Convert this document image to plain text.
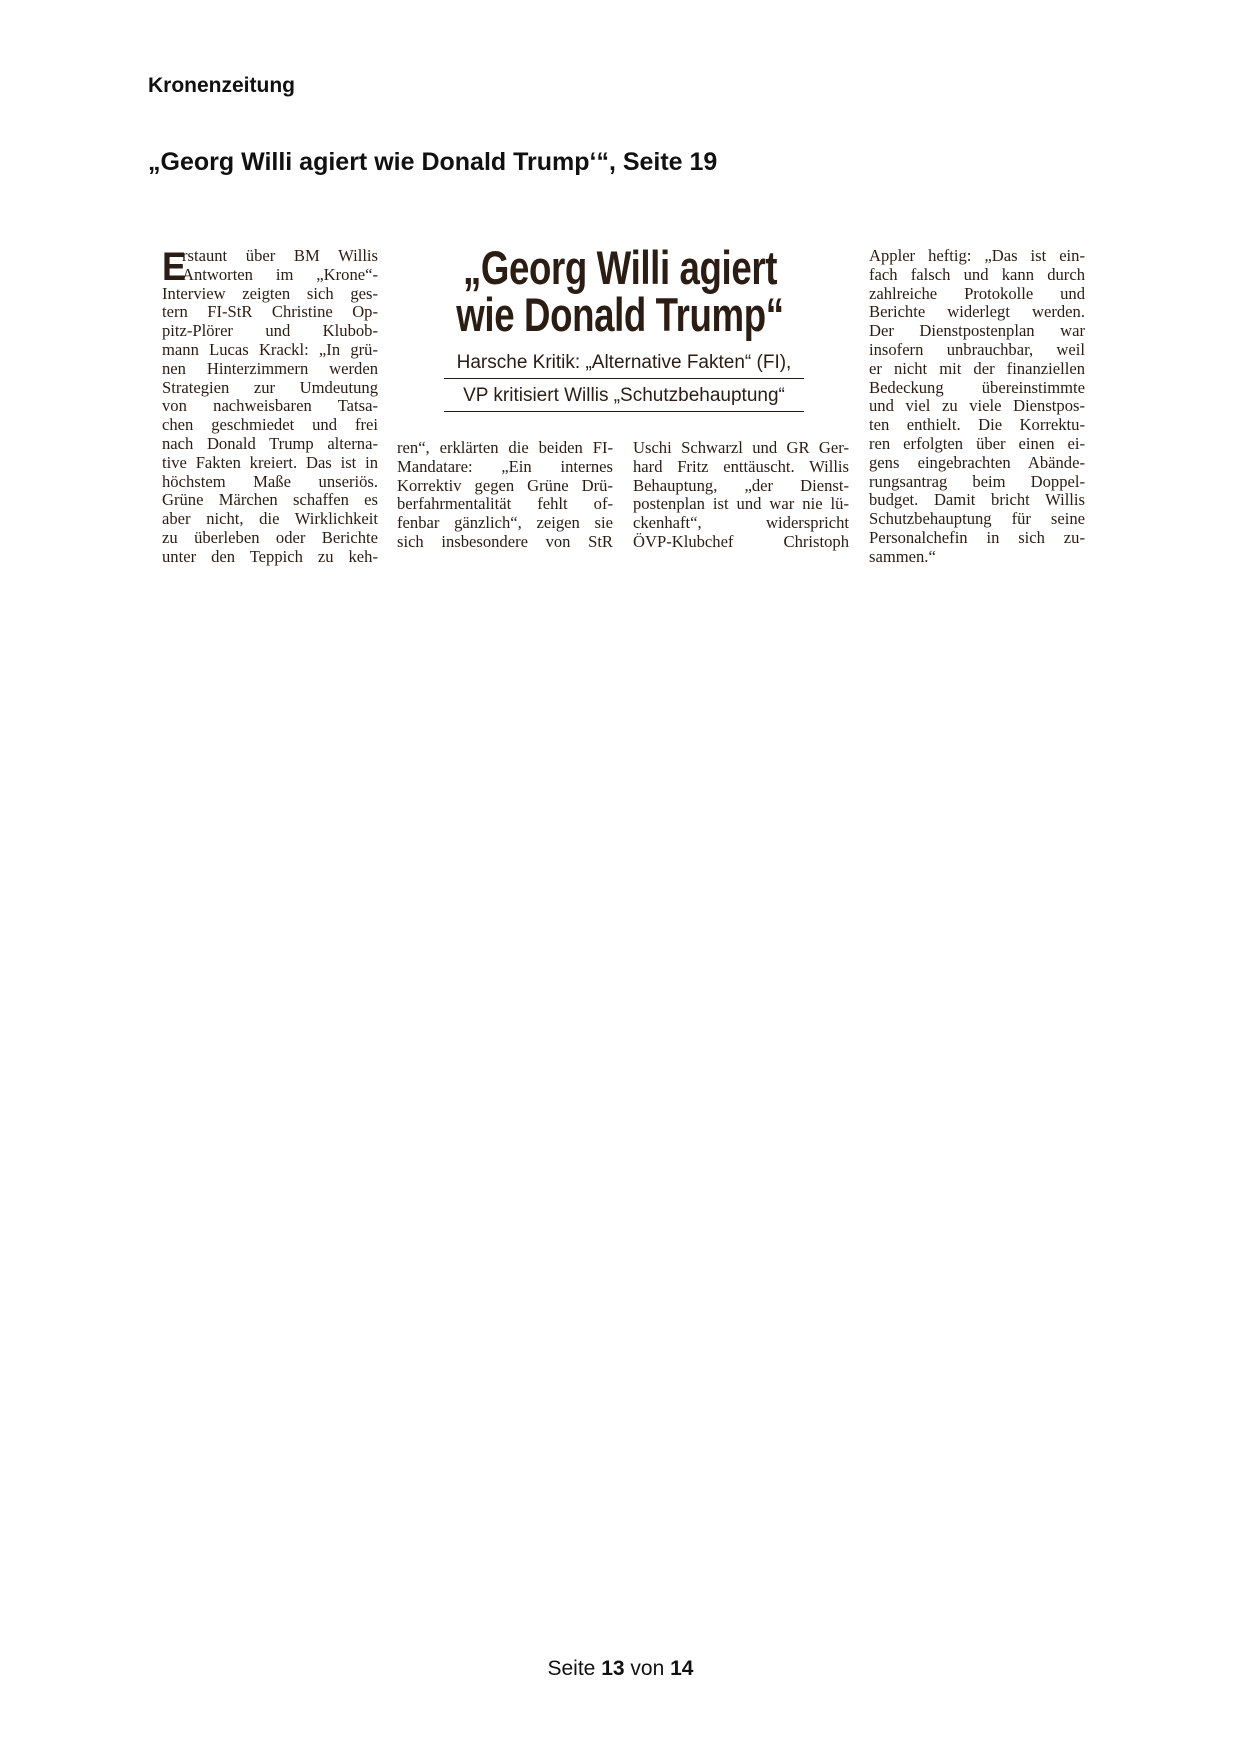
Kronenzeitung
„Georg Willi agiert wie Donald Trump‘“, Seite 19
E
rstaunt über BM Willis
Antworten im „Krone“-
Interview zeigten sich ges-
tern FI-StR Christine Op-
pitz-Plörer und Klubob-
mann Lucas Krackl: „In grü-
nen Hinterzimmern werden
Strategien zur Umdeutung
von nachweisbaren Tatsa-
chen geschmiedet und frei
nach Donald Trump alterna-
tive Fakten kreiert. Das ist in
höchstem Maße unseriös.
Grüne Märchen schaffen es
aber nicht, die Wirklichkeit
zu überleben oder Berichte
unter den Teppich zu keh-
„Georg Willi agiert
wie Donald Trump“
Harsche Kritik: „Alternative Fakten“ (FI),
VP kritisiert Willis „Schutzbehauptung“
ren“, erklärten die beiden FI-
Mandatare: „Ein internes
Korrektiv gegen Grüne Drü-
berfahrmentalität fehlt of-
fenbar gänzlich“, zeigen sie
sich insbesondere von StR
Uschi Schwarzl und GR Ger-
hard Fritz enttäuscht. Willis
Behauptung, „der Dienst-
postenplan ist und war nie lü-
ckenhaft“, widerspricht
ÖVP-Klubchef Christoph
Appler heftig: „Das ist ein-
fach falsch und kann durch
zahlreiche Protokolle und
Berichte widerlegt werden.
Der Dienstpostenplan war
insofern unbrauchbar, weil
er nicht mit der finanziellen
Bedeckung übereinstimmte
und viel zu viele Dienstpos-
ten enthielt. Die Korrektu-
ren erfolgten über einen ei-
gens eingebrachten Abände-
rungsantrag beim Doppel-
budget. Damit bricht Willis
Schutzbehauptung für seine
Personalchefin in sich zu-
sammen.“
Seite 13 von 14
